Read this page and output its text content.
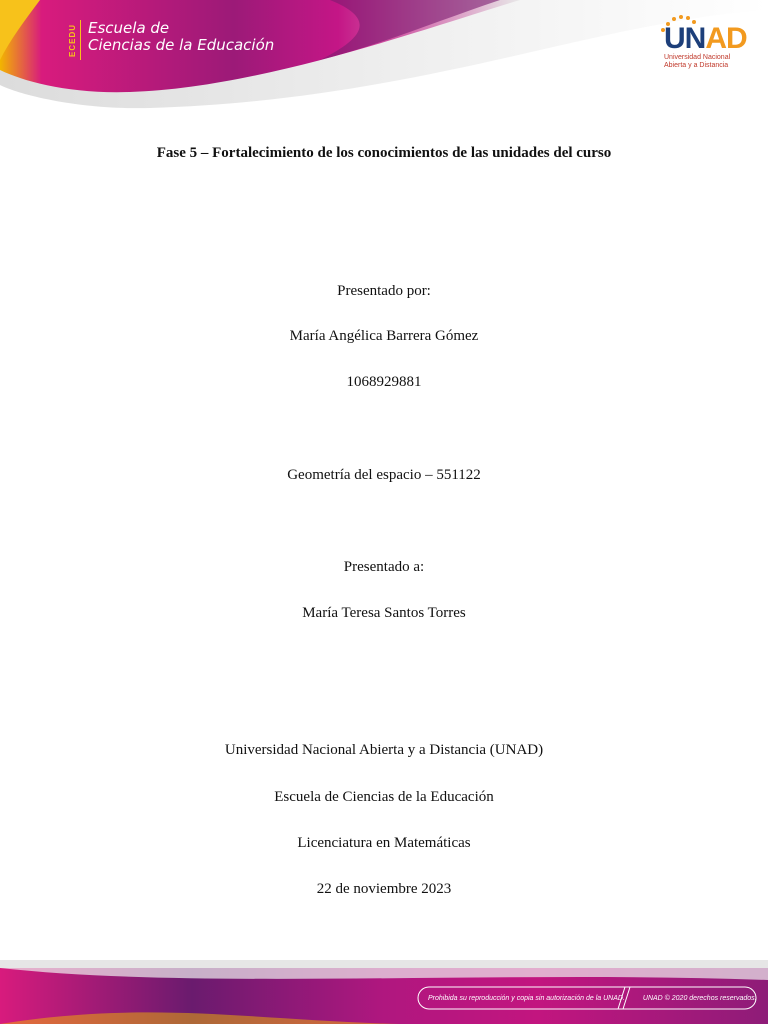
ECEDU Escuela de
Ciencias de la Educación	UNAD
Universidad Nacional
Abierta y a Distancia
Fase 5 – Fortalecimiento de los conocimientos de las unidades del curso
Presentado por:
María Angélica Barrera Gómez
1068929881
Geometría del espacio – 551122
Presentado a:
María Teresa Santos Torres
Universidad Nacional Abierta y a Distancia (UNAD)
Escuela de Ciencias de la Educación
Licenciatura en Matemáticas
22 de noviembre 2023
Prohibida su reproducción y copia sin autorización de la UNAD.	UNAD © 2020 derechos reservados.
